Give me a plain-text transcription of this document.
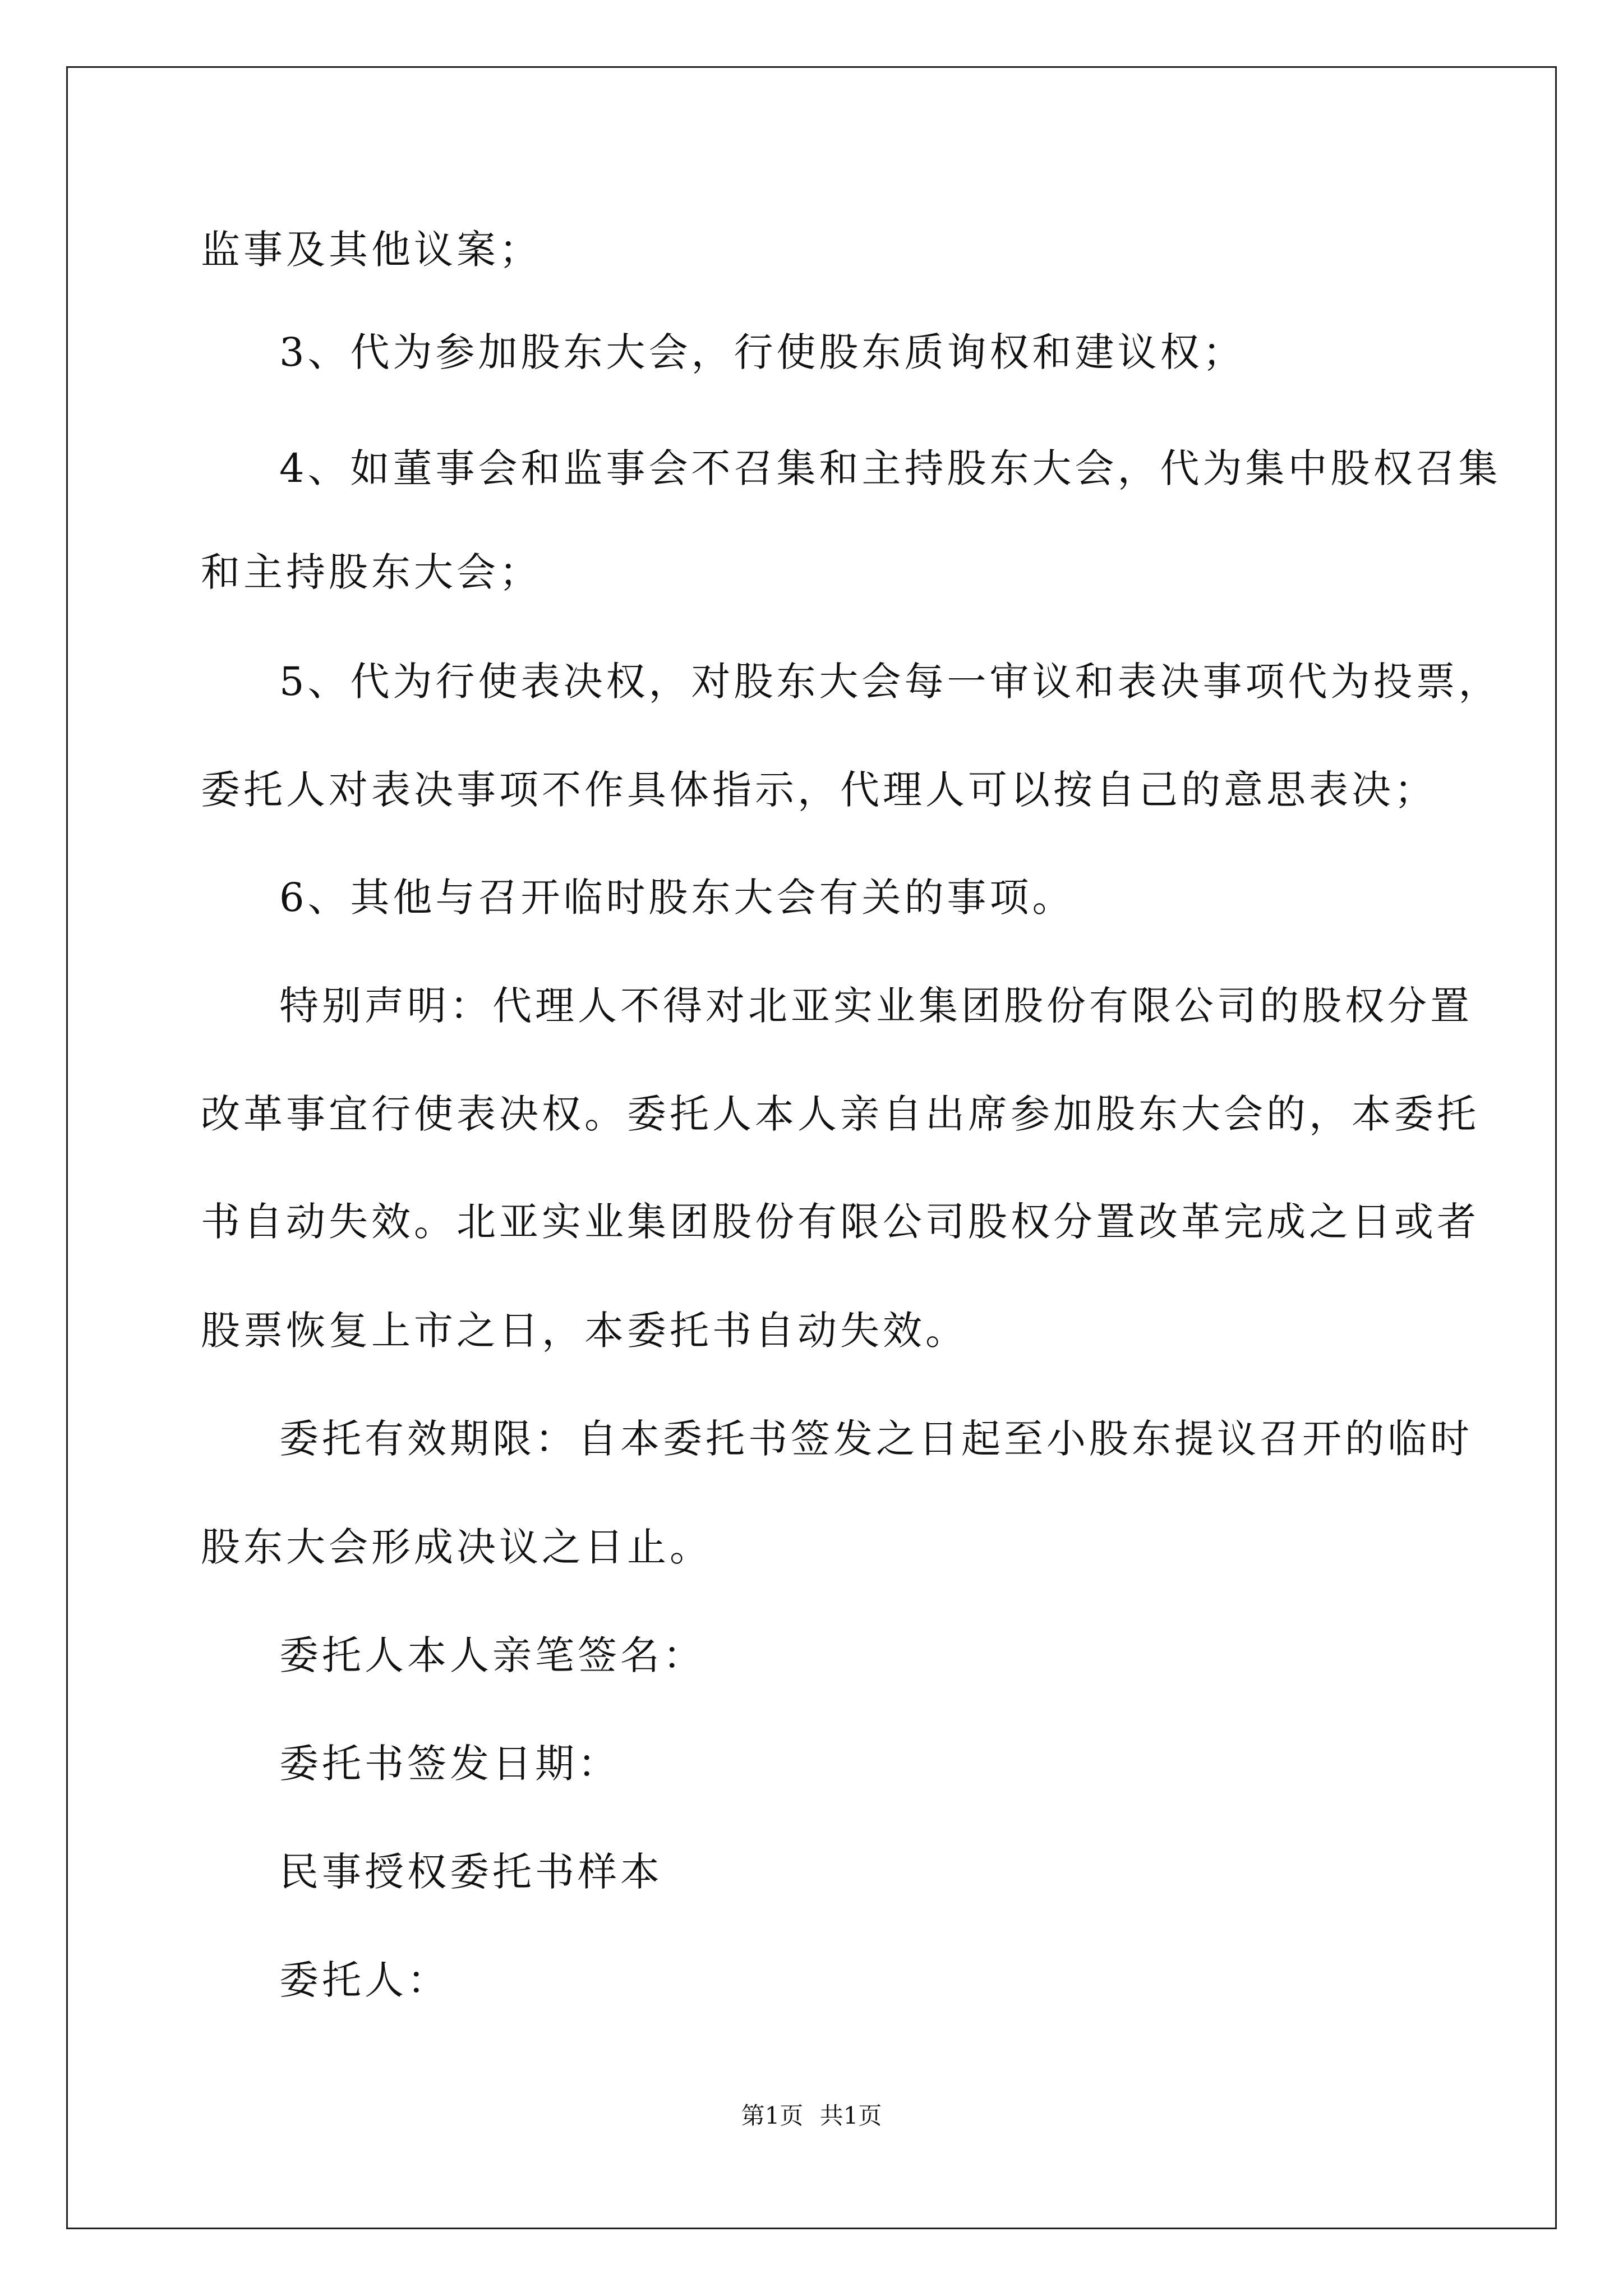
监事及其他议案；
3、代为参加股东大会，行使股东质询权和建议权；
4、如董事会和监事会不召集和主持股东大会，代为集中股权召集
和主持股东大会；
5、代为行使表决权，对股东大会每一审议和表决事项代为投票，
委托人对表决事项不作具体指示，代理人可以按自己的意思表决；
6、其他与召开临时股东大会有关的事项。
特别声明：代理人不得对北亚实业集团股份有限公司的股权分置
改革事宜行使表决权。委托人本人亲自出席参加股东大会的，本委托
书自动失效。北亚实业集团股份有限公司股权分置改革完成之日或者
股票恢复上市之日，本委托书自动失效。
委托有效期限：自本委托书签发之日起至小股东提议召开的临时
股东大会形成决议之日止。
委托人本人亲笔签名：
委托书签发日期：
民事授权委托书样本
委托人：
第1页 共1页
